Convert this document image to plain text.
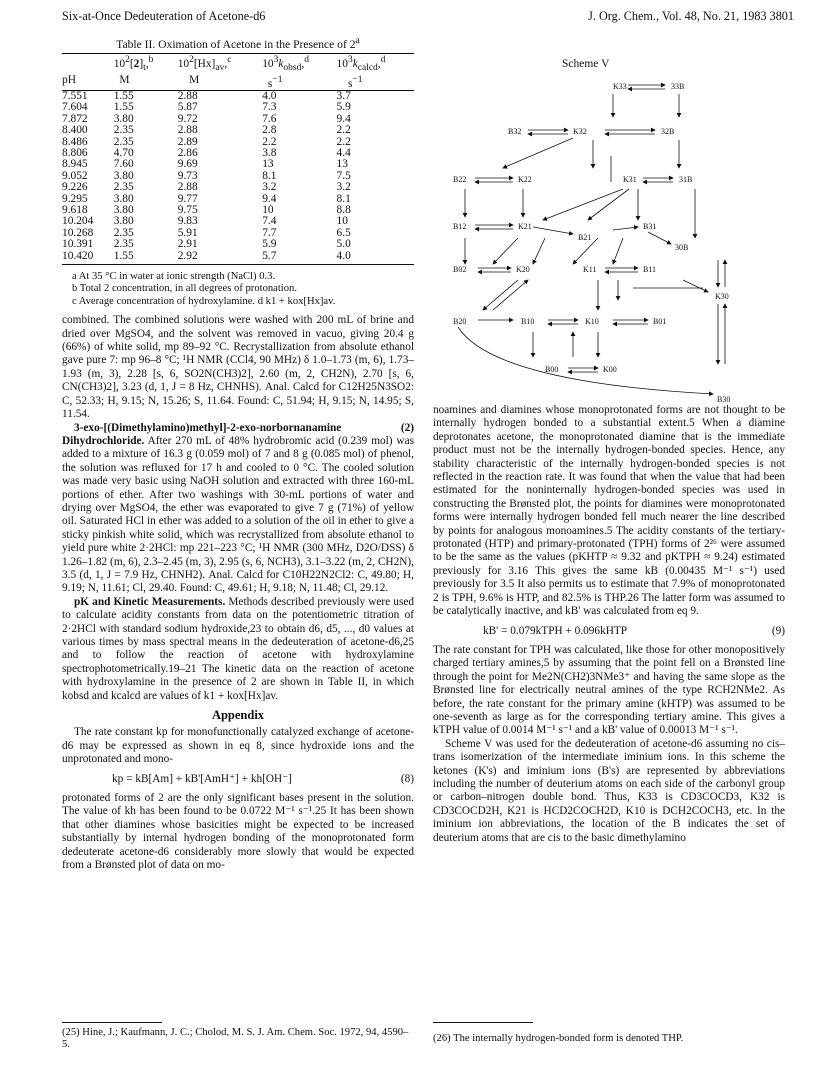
Six-at-Once Dedeuteration of Acetone-d6	J. Org. Chem., Vol. 48, No. 21, 1983 3801
Table II. Oximation of Acetone in the Presence of 2$^a$
	$10^2[2]_t,^b$	$10^2[Hx]_{av},^c$	$10^3k_{obsd},^d$	$10^3k_{calcd},^d$
pH	M	M	$s^{-1}$	$s^{-1}$
7.551	1.55	2.88	4.0	3.7
7.604	1.55	5.87	7.3	5.9
7.872	3.80	9.72	7.6	9.4
8.400	2.35	2.88	2.8	2.2
8.486	2.35	2.89	2.2	2.2
8.806	4.70	2.86	3.8	4.4
8.945	7.60	9.69	13	13
9.052	3.80	9.73	8.1	7.5
9.226	2.35	2.88	3.2	3.2
9.295	3.80	9.77	9.4	8.1
9.618	3.80	9.75	10	8.8
10.204	3.80	9.83	7.4	10
10.268	2.35	5.91	7.7	6.5
10.391	2.35	2.91	5.9	5.0
10.420	1.55	2.92	5.7	4.0
a At 35 °C in water at ionic strength (NaCl) 0.3.
b Total 2 concentration, in all degrees of protonation.
c Average concentration of hydroxylamine. d k1 + kox[Hx]av.

combined. The combined solutions were washed with 200 mL of brine and dried over MgSO4, and the solvent was removed in vacuo, giving 20.4 g (66%) of white solid, mp 89–92 °C. Recrystallization from absolute ethanol gave pure 7: mp 96–8 °C; ¹H NMR (CCl4, 90 MHz) δ 1.0–1.73 (m, 6), 1.73–1.93 (m, 3), 2.28 [s, 6, SO2N(CH3)2], 2.60 (m, 2, CH2N), 2.70 [s, 6, CN(CH3)2], 3.23 (d, 1, J = 8 Hz, CHNHS). Anal. Calcd for C12H25N3SO2: C, 52.33; H, 9.15; N, 15.26; S, 11.64. Found: C, 51.94; H, 9.15; N, 14.95; S, 11.54.

3-exo-[(Dimethylamino)methyl]-2-exo-norbornanamine (2) Dihydrochloride. After 270 mL of 48% hydrobromic acid (0.239 mol) was added to a mixture of 16.3 g (0.059 mol) of 7 and 8 g (0.085 mol) of phenol, the solution was refluxed for 17 h and cooled to 0 °C. The cooled solution was made very basic using NaOH solution and extracted with three 160-mL portions of ether. After two washings with 30-mL portions of water and drying over MgSO4, the ether was evaporated to give 7 g (71%) of yellow oil. Saturated HCl in ether was added to a solution of the oil in ether to give a sticky pinkish white solid, which was recrystallized from absolute ethanol to yield pure white 2·2HCl: mp 221–223 °C; ¹H NMR (300 MHz, D2O/DSS) δ 1.26–1.82 (m, 6), 2.3–2.45 (m, 3), 2.95 (s, 6, NCH3), 3.1–3.22 (m, 2, CH2N), 3.5 (d, 1, J = 7.9 Hz, CHNH2). Anal. Calcd for C10H22N2Cl2: C, 49.80; H, 9.19; N, 11.61; Cl, 29.40. Found: C, 49.61; H, 9.18; N, 11.48; Cl, 29.12.

pK and Kinetic Measurements. Methods described previously were used to calculate acidity constants from data on the potentiometric titration of 2·2HCl with standard sodium hydroxide,23 to obtain d6, d5, ..., d0 values at various times by mass spectral means in the dedeuteration of acetone-d6,25 and to follow the reaction of acetone with hydroxylamine spectrophotometrically.19–21 The kinetic data on the reaction of acetone with hydroxylamine in the presence of 2 are shown in Table II, in which kobsd and kcalcd are values of k1 + kox[Hx]av.

Appendix

The rate constant kp for monofunctionally catalyzed exchange of acetone-d6 may be expressed as shown in eq 8, since hydroxide ions and the unprotonated and mono-

kp = kB[Am] + kB'[AmH⁺] + kh[OH⁻]	(8)

protonated forms of 2 are the only significant bases present in the solution. The value of kh has been found to be 0.0722 M⁻¹ s⁻¹.25 It has been shown that other diamines whose basicities might be expected to be increased substantially by internal hydrogen bonding of the monoprotonated form dedeuterate acetone-d6 considerably more slowly that would be expected from a Brønsted plot of data on mo-

(25) Hine, J.; Kaufmann, J. C.; Cholod, M. S. J. Am. Chem. Soc. 1972, 94, 4590–5.
Scheme V
K33	33B
B32	K32	32B
B22	K22	K31	31B
B12	K21	B31
B21
30B
B02	K20	K11	B11
K30
B20	B10	K10	B01
B00	K00
B30

noamines and diamines whose monoprotonated forms are not thought to be internally hydrogen bonded to a substantial extent.5 When a diamine deprotonates acetone, the monoprotonated diamine that is the immediate product must not be the internally hydrogen-bonded species. Hence, any stability characteristic of the internally hydrogen-bonded species is not reflected in the reaction rate. It was found that when the value that had been estimated for the noninternally hydrogen-bonded species was used in constructing the Brønsted plot, the points for diamines were monoprotonated forms were internally hydrogen bonded fell much nearer the line described by points for analogous monoamines.5 The acidity constants of the tertiary-protonated (HTP) and primary-protonated (TPH) forms of 2²⁶ were assumed to be the same as the values (pKHTP ≈ 9.32 and pKTPH ≈ 9.24) estimated previously for 3.16 This gives the same kB (0.00435 M⁻¹ s⁻¹) used previously for 3.5 It also permits us to estimate that 7.9% of monoprotonated 2 is TPH, 9.6% is HTP, and 82.5% is THP.26 The latter form was assumed to be catalytically inactive, and kB' was calculated from eq 9.

kB' = 0.079kTPH + 0.096kHTP	(9)

The rate constant for TPH was calculated, like those for other monopositively charged tertiary amines,5 by assuming that the point fell on a Brønsted line through the point for Me2N(CH2)3NMe3⁺ and having the same slope as the Brønsted line for electrically neutral amines of the type RCH2NMe2. As before, the rate constant for the primary amine (kHTP) was assumed to be one-seventh as large as for the corresponding tertiary amine. This gives a kTPH value of 0.0014 M⁻¹ s⁻¹ and a kB' value of 0.00013 M⁻¹ s⁻¹.

Scheme V was used for the dedeuteration of acetone-d6 assuming no cis–trans isomerization of the intermediate iminium ions. In this scheme the ketones (K's) and iminium ions (B's) are represented by abbreviations including the number of deuterium atoms on each side of the carbonyl group or carbon–nitrogen double bond. Thus, K33 is CD3COCD3, K32 is CD3COCD2H, K21 is HCD2COCH2D, K10 is DCH2COCH3, etc. In the iminium ion abbreviations, the location of the B indicates the set of deuterium atoms that are cis to the basic dimethylamino

(26) The internally hydrogen-bonded form is denoted THP.
